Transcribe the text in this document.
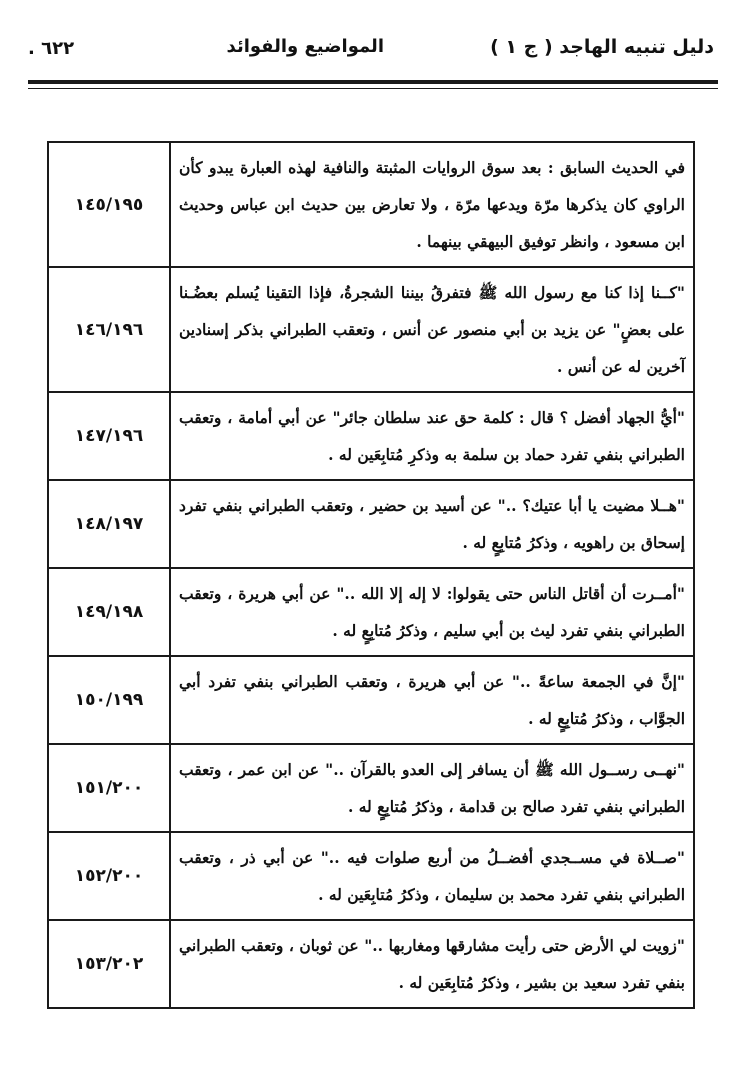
دليل تنبيه الهاجد ( ج ١ )
المواضيع والفوائد
٦٢٢ .
في الحديث السابق : بعد سوق الروايات المثبتة والنافية لهذه العبارة يبدو كأن الراوي كان يذكرها مرّة ويدعها مرّة ، ولا تعارض بين حديث ابن عباس وحديث ابن مسعود ، وانظر توفيق البيهقي بينهما .	١٤٥/١٩٥
"كــنا إذا كنا مع رسول الله ﷺ فتفرقُ بيننا الشجرةُ، فإذا التقينا يُسلم بعضُـنا على بعضٍ" عن يزيد بن أبي منصور عن أنس ، وتعقب الطبراني بذكر إسنادين آخرين له عن أنس .	١٤٦/١٩٦
"أيُّ الجهاد أفضل ؟ قال : كلمة حق عند سلطان جائر" عن أبي أمامة ، وتعقب الطبراني بنفي تفرد حماد بن سلمة به وذكرِ مُتابِعَين له .	١٤٧/١٩٦
"هــلا مضيت يا أبا عتيك؟ .." عن أسيد بن حضير ، وتعقب الطبراني بنفي تفرد إسحاق بن راهويه ، وذكرُ مُتابِعٍ له .	١٤٨/١٩٧
"أمــرت أن أقاتل الناس حتى يقولوا: لا إله إلا الله .." عن أبي هريرة ، وتعقب الطبراني بنفي تفرد ليث بن أبي سليم ، وذكرُ مُتابِعٍ له .	١٤٩/١٩٨
"إنَّ في الجمعة ساعةً .." عن أبي هريرة ، وتعقب الطبراني بنفي تفرد أبي الجوَّاب ، وذكرُ مُتابِعٍ له .	١٥٠/١٩٩
"نهــى رســول الله ﷺ أن يسافر إلى العدو بالقرآن .." عن ابن عمر ، وتعقب الطبراني بنفي تفرد صالح بن قدامة ، وذكرُ مُتابِعٍ له .	١٥١/٢٠٠
"صــلاة في مســجدي أفضــلُ من أربع صلوات فيه .." عن أبي ذر ، وتعقب الطبراني بنفي تفرد محمد بن سليمان ، وذكرُ مُتابِعَين له .	١٥٢/٢٠٠
"زويت لي الأرض حتى رأيت مشارقها ومغاربها .." عن ثوبان ، وتعقب الطبراني بنفي تفرد سعيد بن بشير ، وذكرُ مُتابِعَين له .	١٥٣/٢٠٢
